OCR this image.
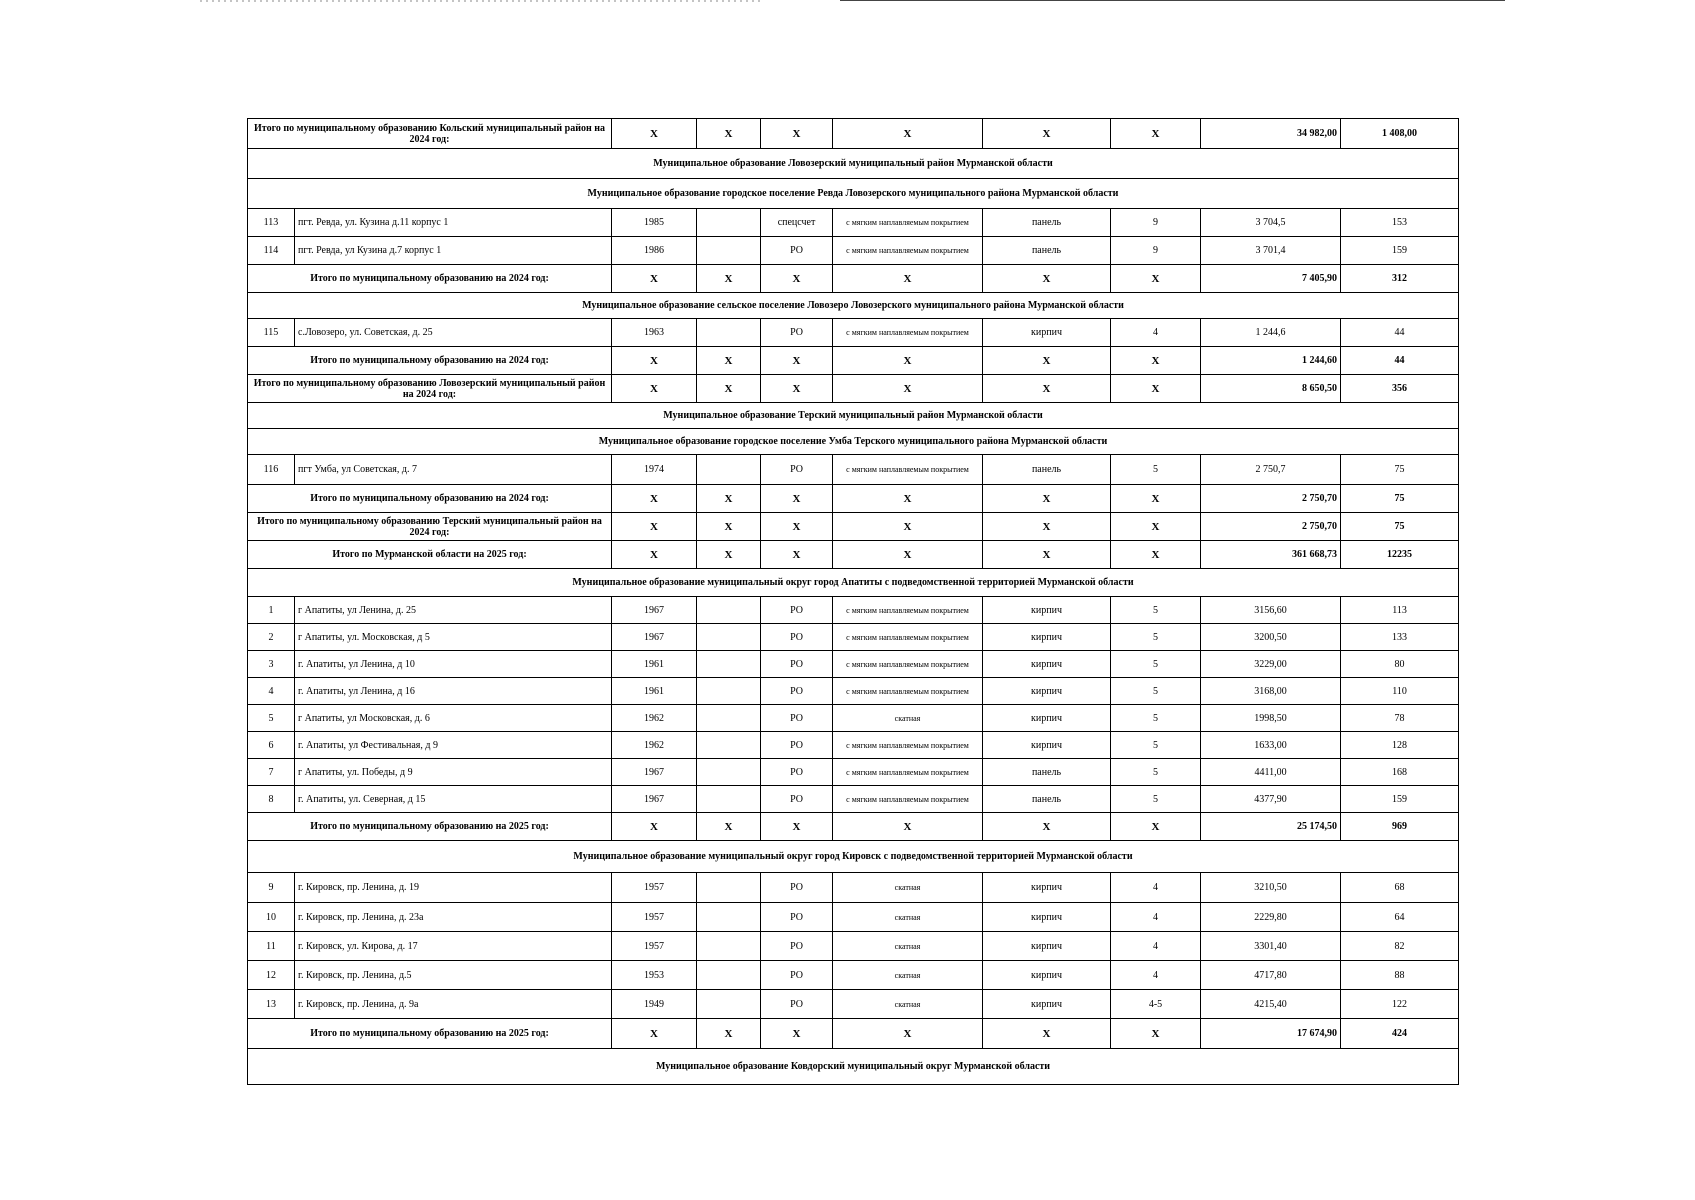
Итого по муниципальному образованию Кольский муниципальный район на 2024 год:		X	X	X	X	X	X	34 982,00	1 408,00
Муниципальное образование Ловозерский муниципальный район Мурманской области									
Муниципальное образование городское поселение Ревда Ловозерского муниципального района Мурманской области									
113	пгт. Ревда, ул. Кузина д.11 корпус 1	1985		спецсчет	с мягким наплавляемым покрытием	панель	9	3 704,5	153
114	пгт. Ревда, ул Кузина д.7 корпус 1	1986		РО	с мягким наплавляемым покрытием	панель	9	3 701,4	159
Итого по муниципальному образованию на 2024 год:		X	X	X	X	X	X	7 405,90	312
Муниципальное образование сельское поселение Ловозеро Ловозерского муниципального района Мурманской области									
115	с.Ловозеро, ул. Советская, д. 25	1963		РО	с мягким наплавляемым покрытием	кирпич	4	1 244,6	44
Итого по муниципальному образованию на 2024 год:		X	X	X	X	X	X	1 244,60	44
Итого по муниципальному образованию Ловозерский муниципальный район на 2024 год:		X	X	X	X	X	X	8 650,50	356
Муниципальное образование Терский муниципальный район Мурманской области									
Муниципальное образование городское поселение Умба Терского муниципального района Мурманской области									
116	пгт Умба, ул Советская, д. 7	1974		РО	с мягким наплавляемым покрытием	панель	5	2 750,7	75
Итого по муниципальному образованию на 2024 год:		X	X	X	X	X	X	2 750,70	75
Итого по муниципальному образованию Терский муниципальный район на 2024 год:		X	X	X	X	X	X	2 750,70	75
Итого по Мурманской области на 2025 год:		X	X	X	X	X	X	361 668,73	12235
Муниципальное образование муниципальный округ город Апатиты с подведомственной территорией Мурманской области									
1	г Апатиты, ул Ленина, д. 25	1967		РО	с мягким наплавляемым покрытием	кирпич	5	3156,60	113
2	г Апатиты, ул. Московская, д 5	1967		РО	с мягким наплавляемым покрытием	кирпич	5	3200,50	133
3	г. Апатиты, ул Ленина, д 10	1961		РО	с мягким наплавляемым покрытием	кирпич	5	3229,00	80
4	г. Апатиты, ул Ленина, д 16	1961		РО	с мягким наплавляемым покрытием	кирпич	5	3168,00	110
5	г Апатиты, ул Московская, д. 6	1962		РО	скатная	кирпич	5	1998,50	78
6	г. Апатиты, ул Фестивальная, д 9	1962		РО	с мягким наплавляемым покрытием	кирпич	5	1633,00	128
7	г Апатиты, ул. Победы, д 9	1967		РО	с мягким наплавляемым покрытием	панель	5	4411,00	168
8	г. Апатиты, ул. Северная, д 15	1967		РО	с мягким наплавляемым покрытием	панель	5	4377,90	159
Итого по муниципальному образованию на 2025 год:		X	X	X	X	X	X	25 174,50	969
Муниципальное образование муниципальный округ город Кировск с подведомственной территорией Мурманской области									
9	г. Кировск, пр. Ленина, д. 19	1957		РО	скатная	кирпич	4	3210,50	68
10	г. Кировск, пр. Ленина, д. 23а	1957		РО	скатная	кирпич	4	2229,80	64
11	г. Кировск, ул. Кирова, д. 17	1957		РО	скатная	кирпич	4	3301,40	82
12	г. Кировск, пр. Ленина, д.5	1953		РО	скатная	кирпич	4	4717,80	88
13	г. Кировск, пр. Ленина, д. 9а	1949		РО	скатная	кирпич	4-5	4215,40	122
Итого по муниципальному образованию на 2025 год:		X	X	X	X	X	X	17 674,90	424
Муниципальное образование Ковдорский муниципальный округ Мурманской области									
